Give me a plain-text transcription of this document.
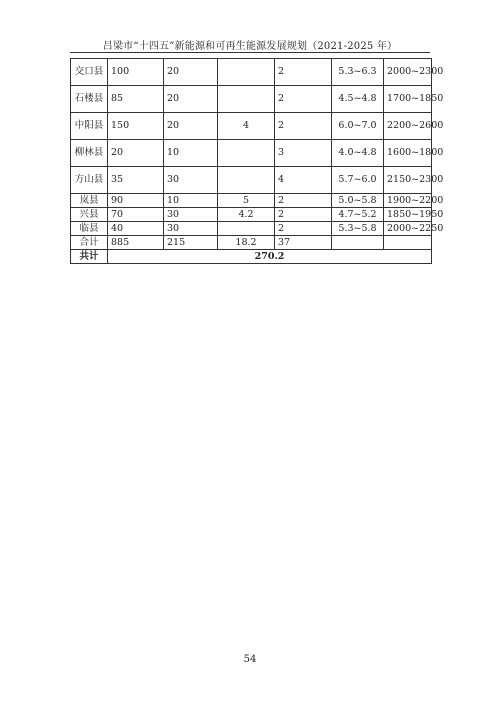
吕梁市“十四五”新能源和可再生能源发展规划（2021-2025 年）
交口县	100	20		2	5.3~6.3	2000~2300

石楼县	85	20		2	4.5~4.8	1700~1850

中阳县	150	20	4	2	6.0~7.0	2200~2600

柳林县	20	10		3	4.0~4.8	1600~1800

方山县	35	30		4	5.7~6.0	2150~2300
岚县	90	10	5	2	5.0~5.8	1900~2200
兴县	70	30	4.2	2	4.7~5.2	1850~1950
临县	40	30		2	5.3~5.8	2000~2250
合计	885	215	18.2	37		
共计	270.2					
54
